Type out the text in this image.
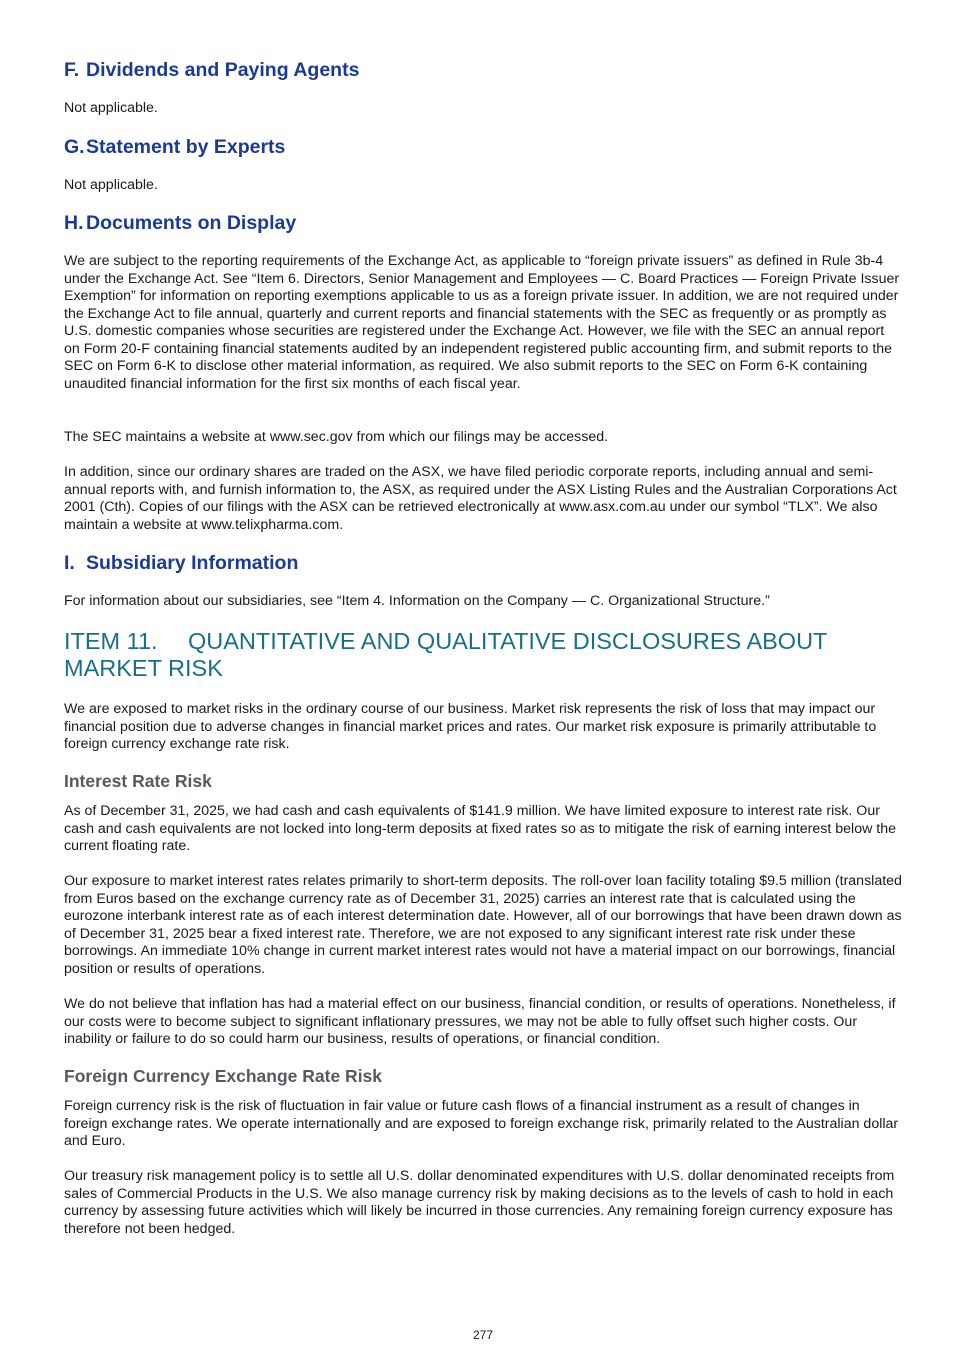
F. Dividends and Paying Agents
Not applicable.
G.Statement by Experts
Not applicable.
H. Documents on Display
We are subject to the reporting requirements of the Exchange Act, as applicable to “foreign private issuers” as defined in Rule 3b-4 under the Exchange Act. See “Item 6. Directors, Senior Management and Employees — C. Board Practices — Foreign Private Issuer Exemption” for information on reporting exemptions applicable to us as a foreign private issuer. In addition, we are not required under the Exchange Act to file annual, quarterly and current reports and financial statements with the SEC as frequently or as promptly as U.S. domestic companies whose securities are registered under the Exchange Act. However, we file with the SEC an annual report on Form 20-F containing financial statements audited by an independent registered public accounting firm, and submit reports to the SEC on Form 6-K to disclose other material information, as required. We also submit reports to the SEC on Form 6-K containing unaudited financial information for the first six months of each fiscal year.
The SEC maintains a website at www.sec.gov from which our filings may be accessed.
In addition, since our ordinary shares are traded on the ASX, we have filed periodic corporate reports, including annual and semi-annual reports with, and furnish information to, the ASX, as required under the ASX Listing Rules and the Australian Corporations Act 2001 (Cth). Copies of our filings with the ASX can be retrieved electronically at www.asx.com.au under our symbol “TLX”. We also maintain a website at www.telixpharma.com.
I. Subsidiary Information
For information about our subsidiaries, see “Item 4. Information on the Company — C. Organizational Structure.”
ITEM 11. QUANTITATIVE AND QUALITATIVE DISCLOSURES ABOUT
MARKET RISK
We are exposed to market risks in the ordinary course of our business. Market risk represents the risk of loss that may impact our financial position due to adverse changes in financial market prices and rates. Our market risk exposure is primarily attributable to foreign currency exchange rate risk.
Interest Rate Risk
As of December 31, 2025, we had cash and cash equivalents of $141.9 million. We have limited exposure to interest rate risk. Our cash and cash equivalents are not locked into long-term deposits at fixed rates so as to mitigate the risk of earning interest below the current floating rate.
Our exposure to market interest rates relates primarily to short-term deposits. The roll-over loan facility totaling $9.5 million (translated from Euros based on the exchange currency rate as of December 31, 2025) carries an interest rate that is calculated using the eurozone interbank interest rate as of each interest determination date. However, all of our borrowings that have been drawn down as of December 31, 2025 bear a fixed interest rate. Therefore, we are not exposed to any significant interest rate risk under these borrowings. An immediate 10% change in current market interest rates would not have a material impact on our borrowings, financial position or results of operations.
We do not believe that inflation has had a material effect on our business, financial condition, or results of operations. Nonetheless, if our costs were to become subject to significant inflationary pressures, we may not be able to fully offset such higher costs. Our inability or failure to do so could harm our business, results of operations, or financial condition.
Foreign Currency Exchange Rate Risk
Foreign currency risk is the risk of fluctuation in fair value or future cash flows of a financial instrument as a result of changes in foreign exchange rates. We operate internationally and are exposed to foreign exchange risk, primarily related to the Australian dollar and Euro.
Our treasury risk management policy is to settle all U.S. dollar denominated expenditures with U.S. dollar denominated receipts from sales of Commercial Products in the U.S. We also manage currency risk by making decisions as to the levels of cash to hold in each currency by assessing future activities which will likely be incurred in those currencies. Any remaining foreign currency exposure has therefore not been hedged.
277
